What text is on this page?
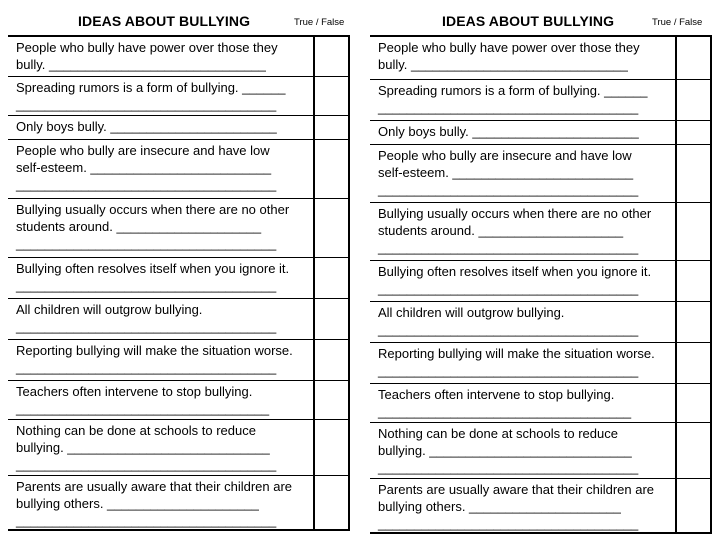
IDEAS ABOUT BULLYING	True / False
People who bully have power over those they
bully. ______________________________
Spreading rumors is a form of bullying. ______
____________________________________
Only boys bully. _______________________
People who bully are insecure and have low
self-esteem. _________________________
____________________________________
Bullying usually occurs when there are no other
students around. ____________________
____________________________________
Bullying often resolves itself when you ignore it.
____________________________________
All children will outgrow bullying.
____________________________________
Reporting bullying will make the situation worse.
____________________________________
Teachers often intervene to stop bullying.
___________________________________
Nothing can be done at schools to reduce
bullying. ____________________________
____________________________________
Parents are usually aware that their children are
bullying others. _____________________
____________________________________
IDEAS ABOUT BULLYING	True / False
People who bully have power over those they
bully. ______________________________
Spreading rumors is a form of bullying. ______
____________________________________
Only boys bully. _______________________
People who bully are insecure and have low
self-esteem. _________________________
____________________________________
Bullying usually occurs when there are no other
students around. ____________________
____________________________________
Bullying often resolves itself when you ignore it.
____________________________________
All children will outgrow bullying.
____________________________________
Reporting bullying will make the situation worse.
____________________________________
Teachers often intervene to stop bullying.
___________________________________
Nothing can be done at schools to reduce
bullying. ____________________________
____________________________________
Parents are usually aware that their children are
bullying others. _____________________
____________________________________
